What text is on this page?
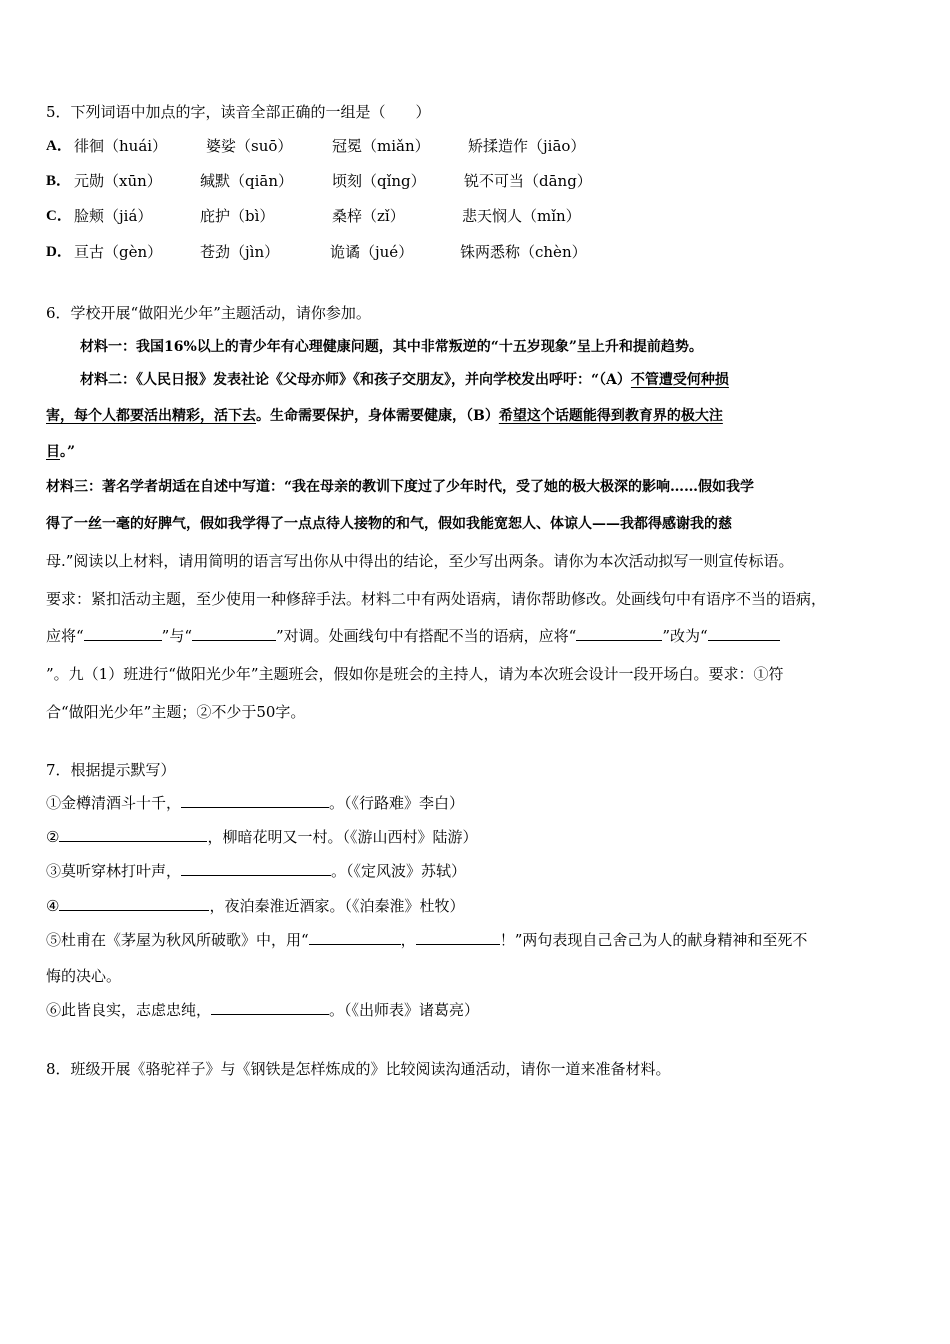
5．下列词语中加点的字，读音全部正确的一组是（　　）
A． 徘徊（huái）	婆娑（suō）	冠冕（miǎn）	矫揉造作（jiāo）
B． 元勋（xūn）	缄默（qiān）	顷刻（qǐng）	锐不可当（dāng）
C． 脸颊（jiá）	庇护（bì）	桑梓（zǐ）	悲天悯人（mǐn）
D． 亘古（gèn）	苍劲（jìn）	诡谲（jué）	铢两悉称（chèn）
6．学校开展“做阳光少年”主题活动，请你参加。
材料一：我国16%以上的青少年有心理健康问题，其中非常叛逆的“十五岁现象”呈上升和提前趋势。
材料二：《人民日报》发表社论《父母亦师》《和孩子交朋友》，并向学校发出呼吁：“（A）不管遭受何种损
害，每个人都要活出精彩，活下去。生命需要保护，身体需要健康，（B）希望这个话题能得到教育界的极大注
目。”
材料三：著名学者胡适在自述中写道：“我在母亲的教训下度过了少年时代，受了她的极大极深的影响……假如我学
得了一丝一毫的好脾气，假如我学得了一点点待人接物的和气，假如我能宽恕人、体谅人——我都得感谢我的慈
母.”阅读以上材料，请用简明的语言写出你从中得出的结论，至少写出两条。请你为本次活动拟写一则宣传标语。
要求：紧扣活动主题，至少使用一种修辞手法。材料二中有两处语病，请你帮助修改。处画线句中有语序不当的语病，
应将“	”与“	”对调。处画线句中有搭配不当的语病，应将“	”改为“
”。九（1）班进行“做阳光少年”主题班会，假如你是班会的主持人，请为本次班会设计一段开场白。要求：①符
合“做阳光少年”主题；②不少于50字。
7．根据提示默写）
①金樽清酒斗十千，	。（《行路难》李白）
②	，柳暗花明又一村。（《游山西村》陆游）
③莫听穿林打叶声，	。（《定风波》苏轼）
④	，夜泊秦淮近酒家。（《泊秦淮》杜牧）
⑤杜甫在《茅屋为秋风所破歌》中，用“	，	！”两句表现自己舍己为人的献身精神和至死不
悔的决心。
⑥此皆良实，志虑忠纯，	。（《出师表》诸葛亮）
8．班级开展《骆驼祥子》与《钢铁是怎样炼成的》比较阅读沟通活动，请你一道来准备材料。
